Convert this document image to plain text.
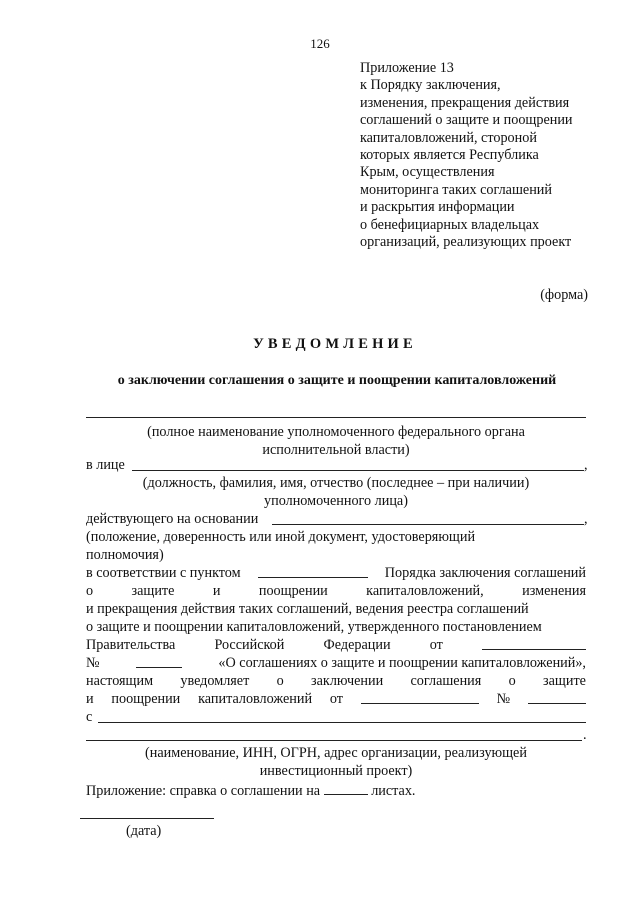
126
Приложение 13
к Порядку заключения,
изменения, прекращения действия
соглашений о защите и поощрении
капиталовложений, стороной
которых является Республика
Крым, осуществления
мониторинга таких соглашений
и раскрытия информации
о бенефициарных владельцах
организаций, реализующих проект
(форма)
УВЕДОМЛЕНИЕ
о заключении соглашения о защите и поощрении капиталовложений
(полное наименование уполномоченного федерального органа
исполнительной власти)
в лице	,
(должность, фамилия, имя, отчество (последнее – при наличии)
уполномоченного лица)
действующего на основании	,
(положение, доверенность или иной документ, удостоверяющий
полномочия)
в соответствии с пунктом	Порядка заключения соглашений
о	защите	и	поощрении	капиталовложений,	изменения
и прекращения действия таких соглашений, ведения реестра соглашений
о защите и поощрении капиталовложений, утвержденного постановлением
Правительства	Российской	Федерации	от
№	«О соглашениях о защите и поощрении капиталовложений»,
настоящим уведомляет о заключении соглашения о защите
и поощрении капиталовложений от	№
с
.
(наименование, ИНН, ОГРН, адрес организации, реализующей
инвестиционный проект)
Приложение: справка о соглашении на	листах.
(дата)
